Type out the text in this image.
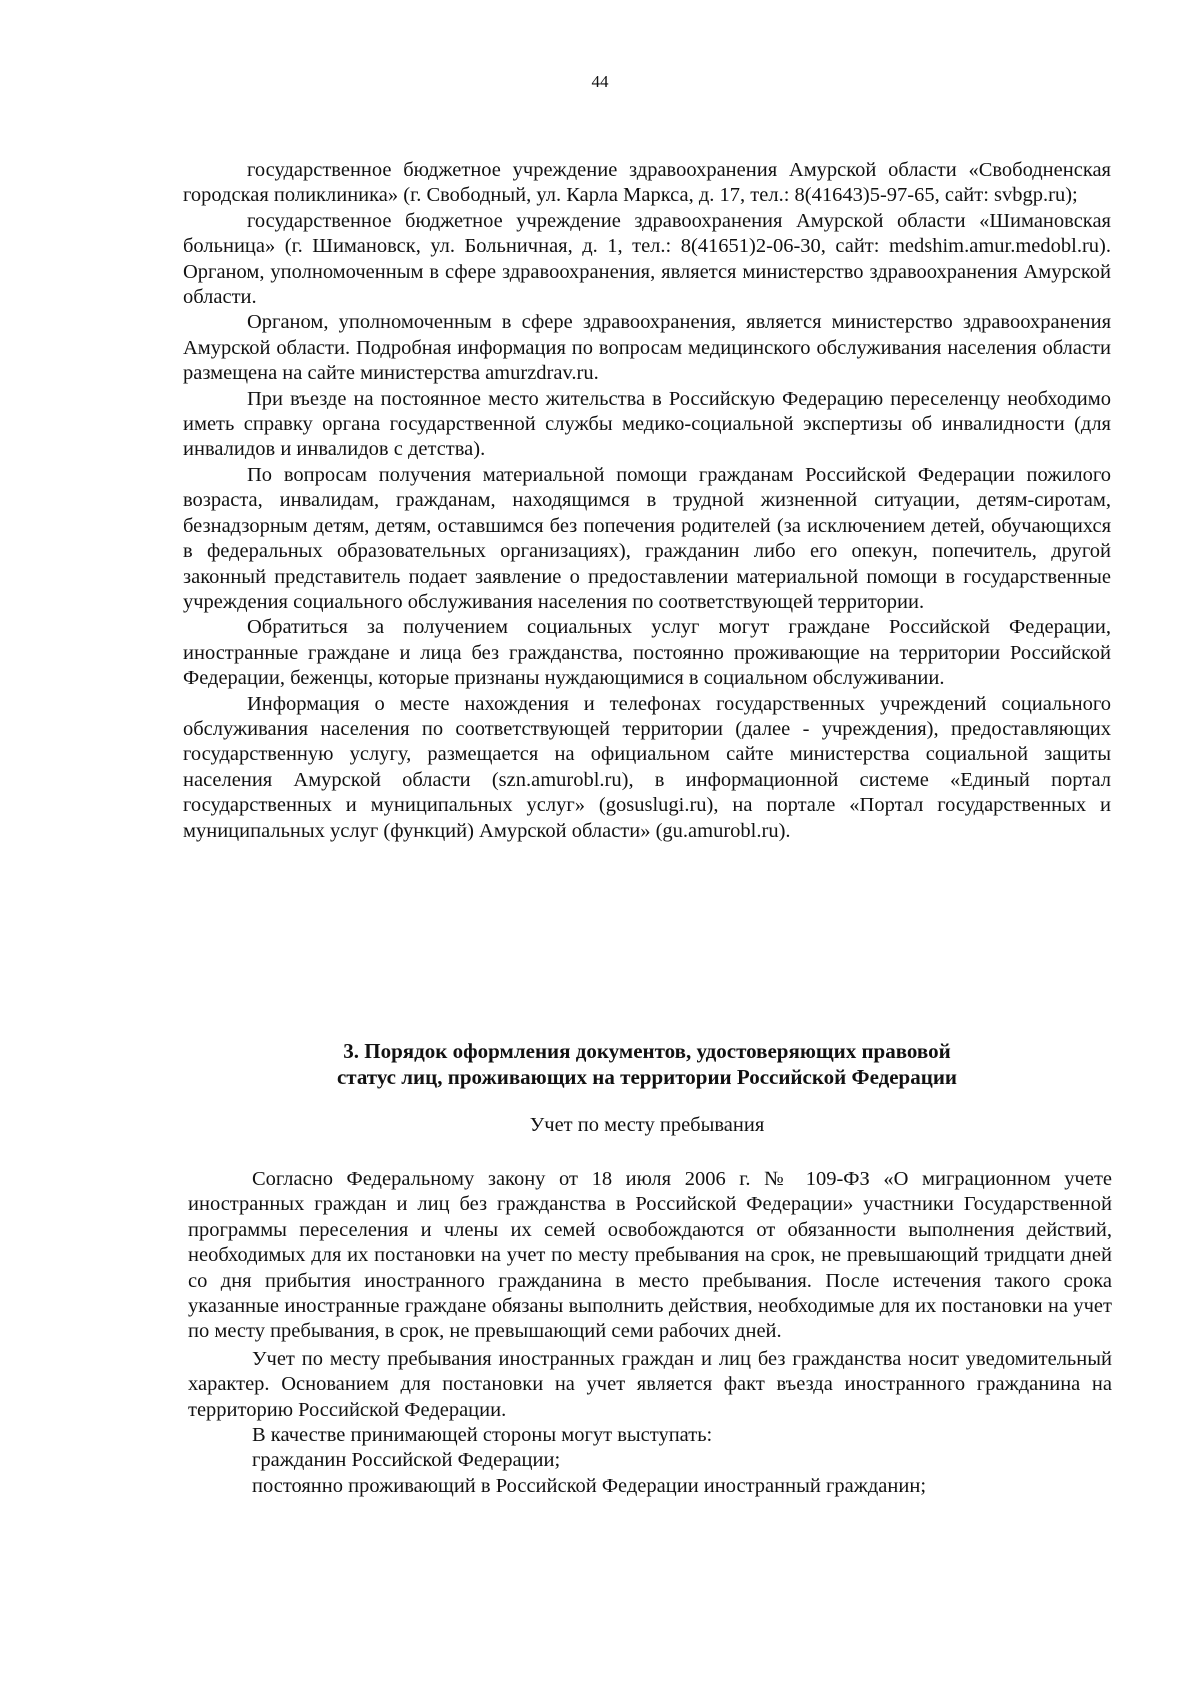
44

государственное бюджетное учреждение здравоохранения Амурской области «Свободненская городская поликлиника» (г. Свободный, ул. Карла Маркса, д. 17, тел.: 8(41643)5-97-65, сайт: svbgp.ru);

государственное бюджетное учреждение здравоохранения Амурской области «Шимановская больница» (г. Шимановск, ул. Больничная, д. 1, тел.: 8(41651)2-06-30, сайт: medshim.amur.medobl.ru). Органом, уполномоченным в сфере здравоохранения, является министерство здравоохранения Амурской области.

Органом, уполномоченным в сфере здравоохранения, является министерство здравоохранения Амурской области. Подробная информация по вопросам медицинского обслуживания населения области размещена на сайте министерства amurzdrav.ru.

При въезде на постоянное место жительства в Российскую Федерацию переселенцу необходимо иметь справку органа государственной службы медико-социальной экспертизы об инвалидности (для инвалидов и инвалидов с детства).

По вопросам получения материальной помощи гражданам Российской Федерации пожилого возраста, инвалидам, гражданам, находящимся в трудной жизненной ситуации, детям-сиротам, безнадзорным детям, детям, оставшимся без попечения родителей (за исключением детей, обучающихся в федеральных образовательных организациях), гражданин либо его опекун, попечитель, другой законный представитель подает заявление о предоставлении материальной помощи в государственные учреждения социального обслуживания населения по соответствующей территории.

Обратиться за получением социальных услуг могут граждане Российской Федерации, иностранные граждане и лица без гражданства, постоянно проживающие на территории Российской Федерации, беженцы, которые признаны нуждающимися в социальном обслуживании.

Информация о месте нахождения и телефонах государственных учреждений социального обслуживания населения по соответствующей территории (далее - учреждения), предоставляющих государственную услугу, размещается на официальном сайте министерства социальной защиты населения Амурской области (szn.amurobl.ru), в информационной системе «Единый портал государственных и муниципальных услуг» (gosuslugi.ru), на портале «Портал государственных и муниципальных услуг (функций) Амурской области» (gu.amurobl.ru).

3. Порядок оформления документов, удостоверяющих правовой
статус лиц, проживающих на территории Российской Федерации
Учет по месту пребывания

Согласно Федеральному закону от 18 июля 2006 г. № 109-ФЗ «О миграционном учете иностранных граждан и лиц без гражданства в Российской Федерации» участники Государственной программы переселения и члены их семей освобождаются от обязанности выполнения действий, необходимых для их постановки на учет по месту пребывания на срок, не превышающий тридцати дней со дня прибытия иностранного гражданина в место пребывания. После истечения такого срока указанные иностранные граждане обязаны выполнить действия, необходимые для их постановки на учет по месту пребывания, в срок, не превышающий семи рабочих дней.

Учет по месту пребывания иностранных граждан и лиц без гражданства носит уведомительный характер. Основанием для постановки на учет является факт въезда иностранного гражданина на территорию Российской Федерации.

В качестве принимающей стороны могут выступать:

гражданин Российской Федерации;

постоянно проживающий в Российской Федерации иностранный гражданин;
